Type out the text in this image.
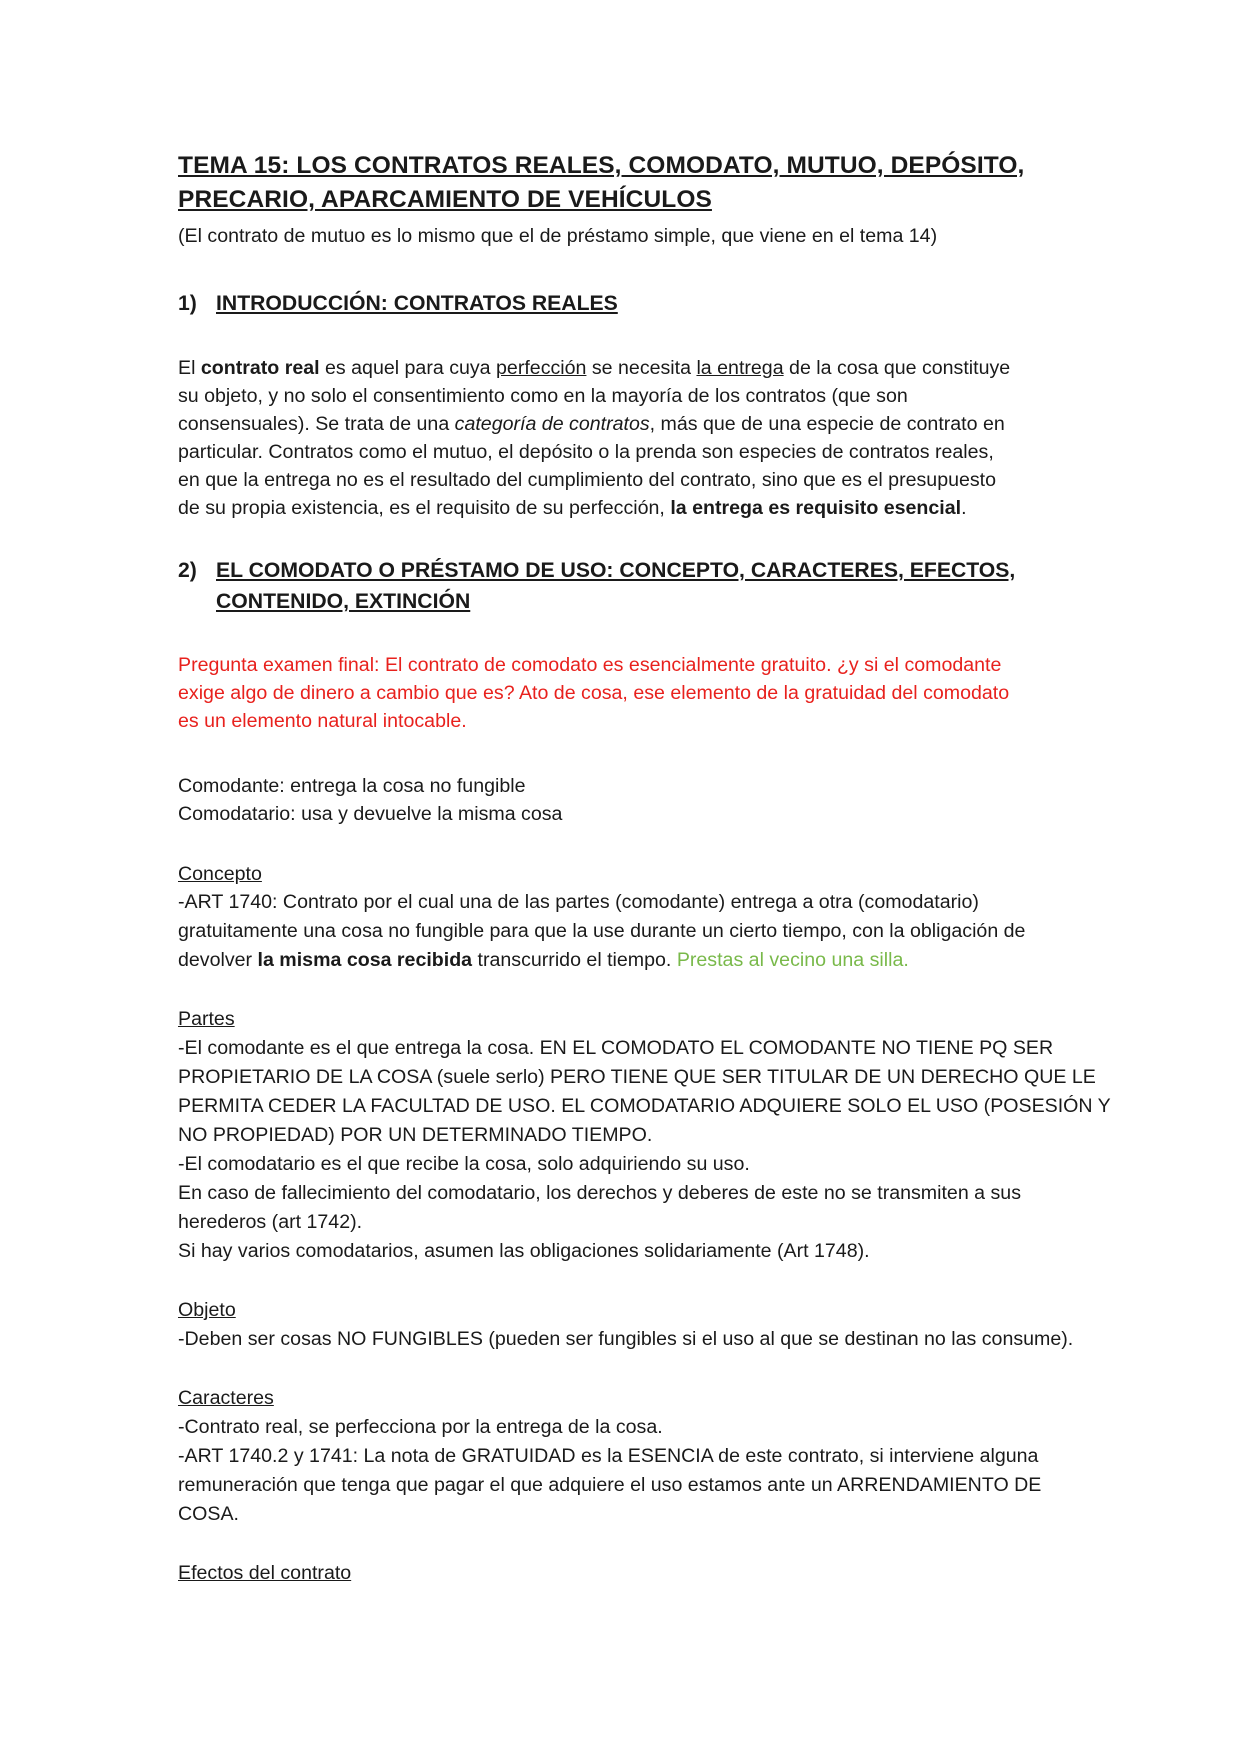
TEMA 15: LOS CONTRATOS REALES, COMODATO, MUTUO, DEPÓSITO,
PRECARIO, APARCAMIENTO DE VEHÍCULOS
(El contrato de mutuo es lo mismo que el de préstamo simple, que viene en el tema 14)
1) INTRODUCCIÓN: CONTRATOS REALES
El contrato real es aquel para cuya perfección se necesita la entrega de la cosa que constituye
su objeto, y no solo el consentimiento como en la mayoría de los contratos (que son
consensuales). Se trata de una categoría de contratos, más que de una especie de contrato en
particular. Contratos como el mutuo, el depósito o la prenda son especies de contratos reales,
en que la entrega no es el resultado del cumplimiento del contrato, sino que es el presupuesto
de su propia existencia, es el requisito de su perfección, la entrega es requisito esencial.
2) EL COMODATO O PRÉSTAMO DE USO: CONCEPTO, CARACTERES, EFECTOS,
CONTENIDO, EXTINCIÓN
Pregunta examen final: El contrato de comodato es esencialmente gratuito. ¿y si el comodante
exige algo de dinero a cambio que es? Ato de cosa, ese elemento de la gratuidad del comodato
es un elemento natural intocable.
Comodante: entrega la cosa no fungible
Comodatario: usa y devuelve la misma cosa
Concepto
-ART 1740: Contrato por el cual una de las partes (comodante) entrega a otra (comodatario)
gratuitamente una cosa no fungible para que la use durante un cierto tiempo, con la obligación de
devolver la misma cosa recibida transcurrido el tiempo. Prestas al vecino una silla.
Partes
-El comodante es el que entrega la cosa. EN EL COMODATO EL COMODANTE NO TIENE PQ SER
PROPIETARIO DE LA COSA (suele serlo) PERO TIENE QUE SER TITULAR DE UN DERECHO QUE LE
PERMITA CEDER LA FACULTAD DE USO. EL COMODATARIO ADQUIERE SOLO EL USO (POSESIÓN Y
NO PROPIEDAD) POR UN DETERMINADO TIEMPO.
-El comodatario es el que recibe la cosa, solo adquiriendo su uso.
En caso de fallecimiento del comodatario, los derechos y deberes de este no se transmiten a sus
herederos (art 1742).
Si hay varios comodatarios, asumen las obligaciones solidariamente (Art 1748).
Objeto
-Deben ser cosas NO FUNGIBLES (pueden ser fungibles si el uso al que se destinan no las consume).
Caracteres
-Contrato real, se perfecciona por la entrega de la cosa.
-ART 1740.2 y 1741: La nota de GRATUIDAD es la ESENCIA de este contrato, si interviene alguna
remuneración que tenga que pagar el que adquiere el uso estamos ante un ARRENDAMIENTO DE
COSA.
Efectos del contrato
